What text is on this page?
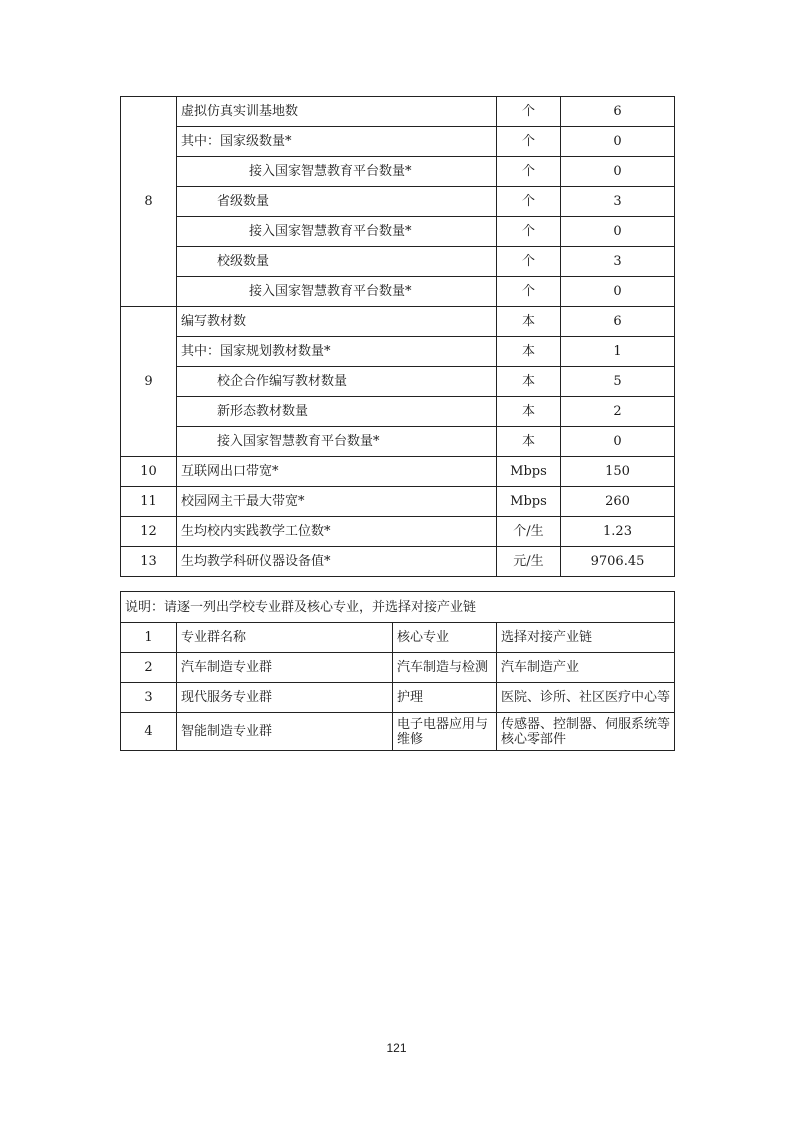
8	虚拟仿真实训基地数	个	6
	其中：国家级数量*	个	0
	接入国家智慧教育平台数量*	个	0
	省级数量	个	3
	接入国家智慧教育平台数量*	个	0
	校级数量	个	3
	接入国家智慧教育平台数量*	个	0
9	编写教材数	本	6
	其中：国家规划教材数量*	本	1
	校企合作编写教材数量	本	5
	新形态教材数量	本	2
	接入国家智慧教育平台数量*	本	0
10	互联网出口带宽*	Mbps	150
11	校园网主干最大带宽*	Mbps	260
12	生均校内实践教学工位数*	个/生	1.23
13	生均教学科研仪器设备值*	元/生	9706.45
说明：请逐一列出学校专业群及核心专业，并选择对接产业链			
1	专业群名称	核心专业	选择对接产业链
2	汽车制造专业群	汽车制造与检测	汽车制造产业
3	现代服务专业群	护理	医院、诊所、社区医疗中心等
4	智能制造专业群	电子电器应用与维修	传感器、控制器、伺服系统等核心零部件
121
